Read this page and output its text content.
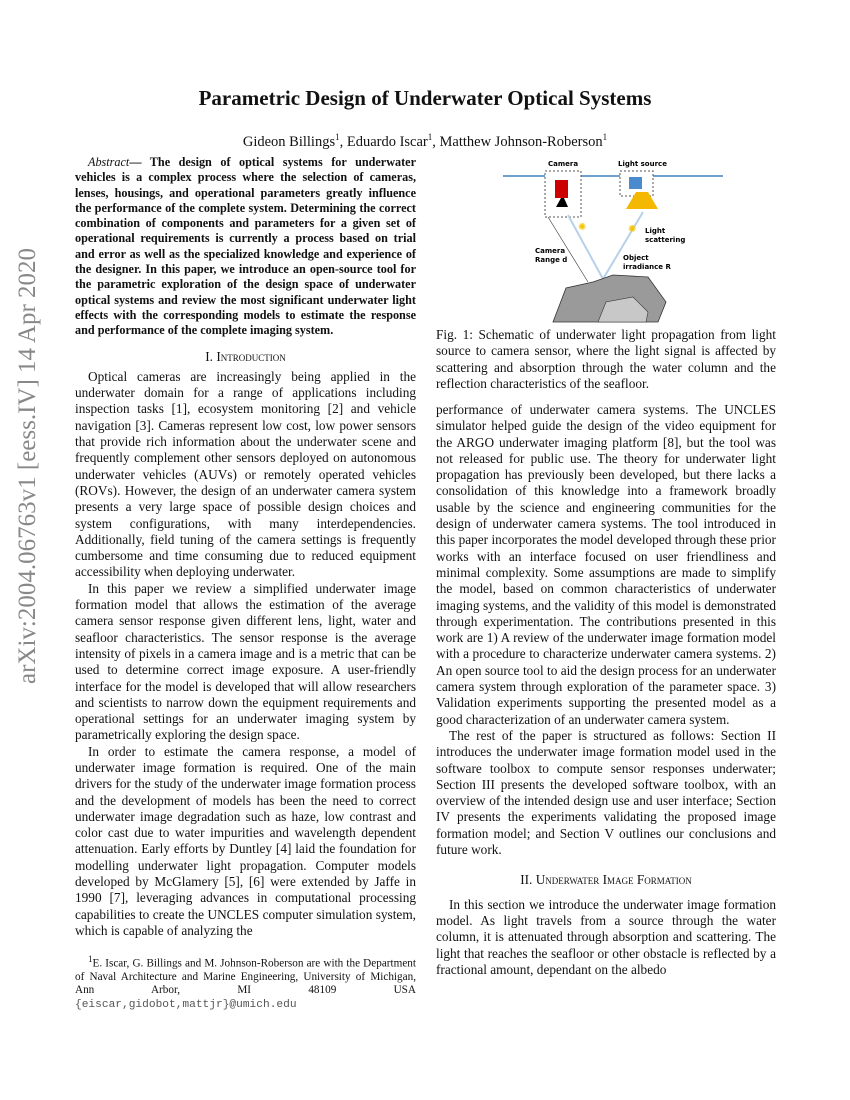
arXiv:2004.06763v1 [eess.IV] 14 Apr 2020
Parametric Design of Underwater Optical Systems
Gideon Billings$^1$, Eduardo Iscar$^1$, Matthew Johnson-Roberson$^1$

Abstract— The design of optical systems for underwater vehicles is a complex process where the selection of cameras, lenses, housings, and operational parameters greatly influence the performance of the complete system. Determining the correct combination of components and parameters for a given set of operational requirements is currently a process based on trial and error as well as the specialized knowledge and experience of the designer. In this paper, we introduce an open-source tool for the parametric exploration of the design space of underwater optical systems and review the most significant underwater light effects with the corresponding models to estimate the response and performance of the complete imaging system.

I. Introduction

Optical cameras are increasingly being applied in the underwater domain for a range of applications including inspection tasks [1], ecosystem monitoring [2] and vehicle navigation [3]. Cameras represent low cost, low power sensors that provide rich information about the underwater scene and frequently complement other sensors deployed on autonomous underwater vehicles (AUVs) or remotely operated vehicles (ROVs). However, the design of an underwater camera system presents a very large space of possible design choices and system configurations, with many interdependencies. Additionally, field tuning of the camera settings is frequently cumbersome and time consuming due to reduced equipment accessibility when deploying underwater.

In this paper we review a simplified underwater image formation model that allows the estimation of the average camera sensor response given different lens, light, water and seafloor characteristics. The sensor response is the average intensity of pixels in a camera image and is a metric that can be used to determine correct image exposure. A user-friendly interface for the model is developed that will allow researchers and scientists to narrow down the equipment requirements and operational settings for an underwater imaging system by parametrically exploring the design space.

In order to estimate the camera response, a model of underwater image formation is required. One of the main drivers for the study of the underwater image formation process and the development of models has been the need to correct underwater image degradation such as haze, low contrast and color cast due to water impurities and wavelength dependent attenuation. Early efforts by Duntley [4] laid the foundation for modelling underwater light propagation. Computer models developed by McGlamery [5], [6] were extended by Jaffe in 1990 [7], leveraging advances in computational processing capabilities to create the UNCLES computer simulation system, which is capable of analyzing the

$^1$E. Iscar, G. Billings and M. Johnson-Roberson are with the Department of Naval Architecture and Marine Engineering, University of Michigan, Ann Arbor, MI 48109 USA {eiscar,gidobot,mattjr}@umich.edu

Camera	Light source
✺	✺ Light
scattering
Camera
Range d	Object
irradiance R
Fig. 1: Schematic of underwater light propagation from light source to camera sensor, where the light signal is affected by scattering and absorption through the water column and the reflection characteristics of the seafloor.

performance of underwater camera systems. The UNCLES simulator helped guide the design of the video equipment for the ARGO underwater imaging platform [8], but the tool was not released for public use. The theory for underwater light propagation has previously been developed, but there lacks a consolidation of this knowledge into a framework broadly usable by the science and engineering communities for the design of underwater camera systems. The tool introduced in this paper incorporates the model developed through these prior works with an interface focused on user friendliness and minimal complexity. Some assumptions are made to simplify the model, based on common characteristics of underwater imaging systems, and the validity of this model is demonstrated through experimentation. The contributions presented in this work are 1) A review of the underwater image formation model with a procedure to characterize underwater camera systems. 2) An open source tool to aid the design process for an underwater camera system through exploration of the parameter space. 3) Validation experiments supporting the presented model as a good characterization of an underwater camera system.

The rest of the paper is structured as follows: Section II introduces the underwater image formation model used in the software toolbox to compute sensor responses underwater; Section III presents the developed software toolbox, with an overview of the intended design use and user interface; Section IV presents the experiments validating the proposed image formation model; and Section V outlines our conclusions and future work.

II. Underwater Image Formation

In this section we introduce the underwater image formation model. As light travels from a source through the water column, it is attenuated through absorption and scattering. The light that reaches the seafloor or other obstacle is reflected by a fractional amount, dependant on the albedo
